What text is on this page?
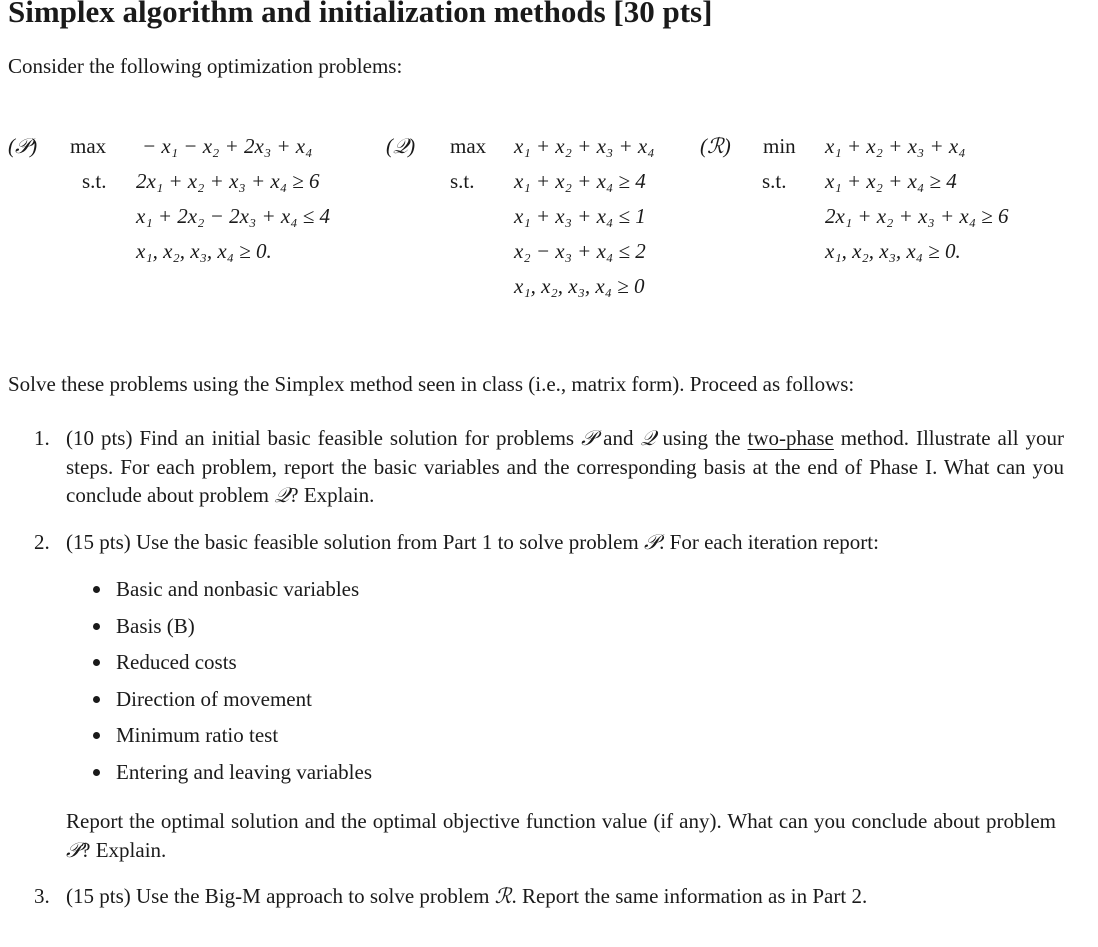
Simplex algorithm and initialization methods [30 pts]
Consider the following optimization problems:
(𝒫) max
s.t.
− x₁ − x₂ + 2x₃ + x₄
2x₁ + x₂ + x₃ + x₄ ≥ 6
x₁ + 2x₂ − 2x₃ + x₄ ≤ 4
x₁, x₂, x₃, x₄ ≥ 0.
(𝒬) max
s.t.
x₁ + x₂ + x₃ + x₄
x₁ + x₂ + x₄ ≥ 4
x₁ + x₃ + x₄ ≤ 1
x₂ − x₃ + x₄ ≤ 2
x₁, x₂, x₃, x₄ ≥ 0
(ℛ) min
s.t.
x₁ + x₂ + x₃ + x₄
x₁ + x₂ + x₄ ≥ 4
2x₁ + x₂ + x₃ + x₄ ≥ 6
x₁, x₂, x₃, x₄ ≥ 0.
Solve these problems using the Simplex method seen in class (i.e., matrix form). Proceed as follows:
1. (10 pts) Find an initial basic feasible solution for problems 𝒫 and 𝒬 using the two-phase method. Illustrate all your steps. For each problem, report the basic variables and the corresponding basis at the end of Phase I. What can you conclude about problem 𝒬? Explain.
2. (15 pts) Use the basic feasible solution from Part 1 to solve problem 𝒫. For each iteration report:
Basic and nonbasic variables
Basis (B)
Reduced costs
Direction of movement
Minimum ratio test
Entering and leaving variables
Report the optimal solution and the optimal objective function value (if any). What can you conclude about problem 𝒫? Explain.
3. (15 pts) Use the Big-M approach to solve problem ℛ. Report the same information as in Part 2.
